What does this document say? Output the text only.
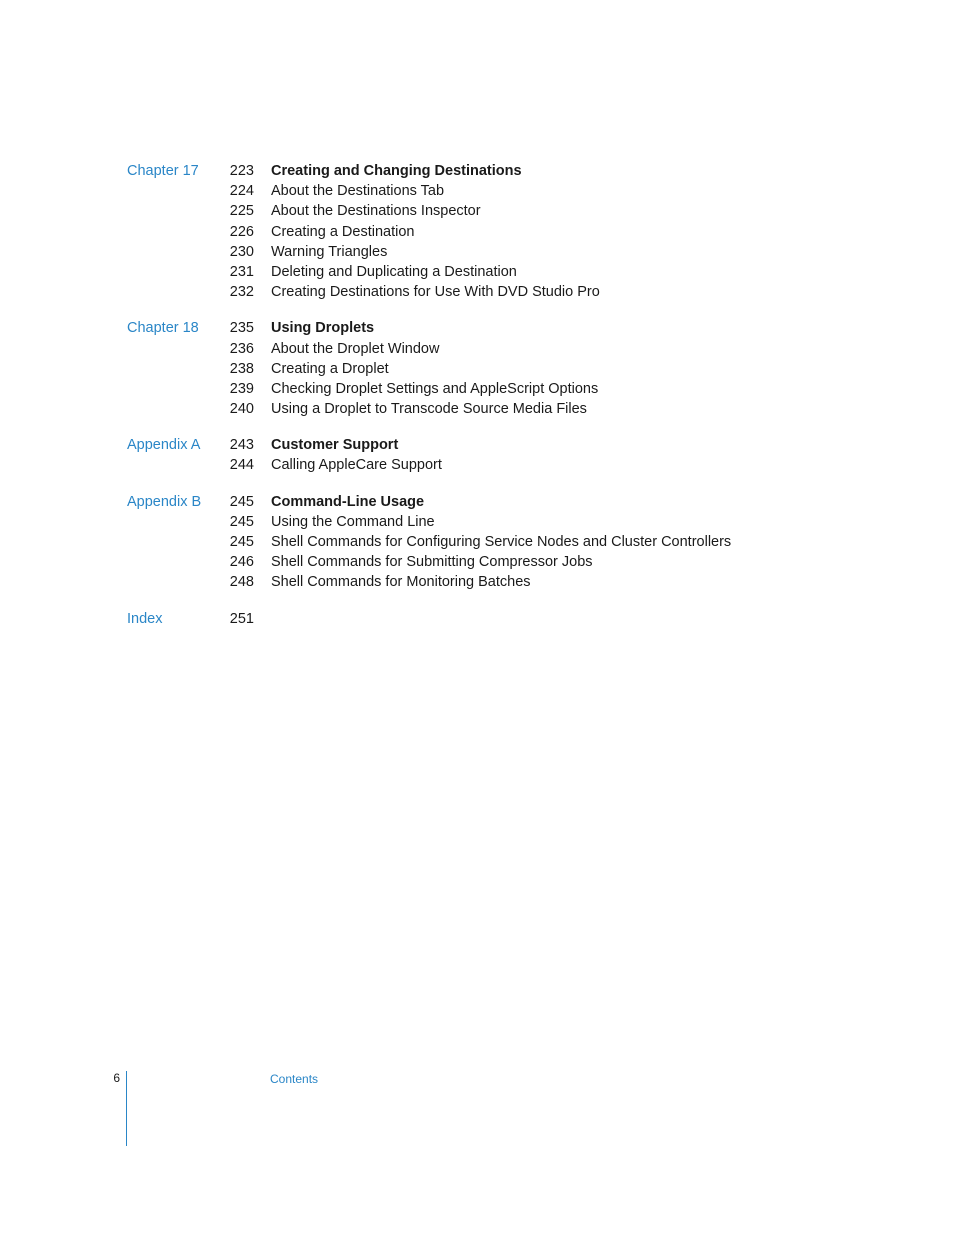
Chapter 17	223 Creating and Changing Destinations
224 About the Destinations Tab
225 About the Destinations Inspector
226 Creating a Destination
230 Warning Triangles
231 Deleting and Duplicating a Destination
232 Creating Destinations for Use With DVD Studio Pro
Chapter 18	235 Using Droplets
236 About the Droplet Window
238 Creating a Droplet
239 Checking Droplet Settings and AppleScript Options
240 Using a Droplet to Transcode Source Media Files
Appendix A	243 Customer Support
244 Calling AppleCare Support
Appendix B	245 Command-Line Usage
245 Using the Command Line
245 Shell Commands for Configuring Service Nodes and Cluster Controllers
246 Shell Commands for Submitting Compressor Jobs
248 Shell Commands for Monitoring Batches
Index	251
6	Contents
